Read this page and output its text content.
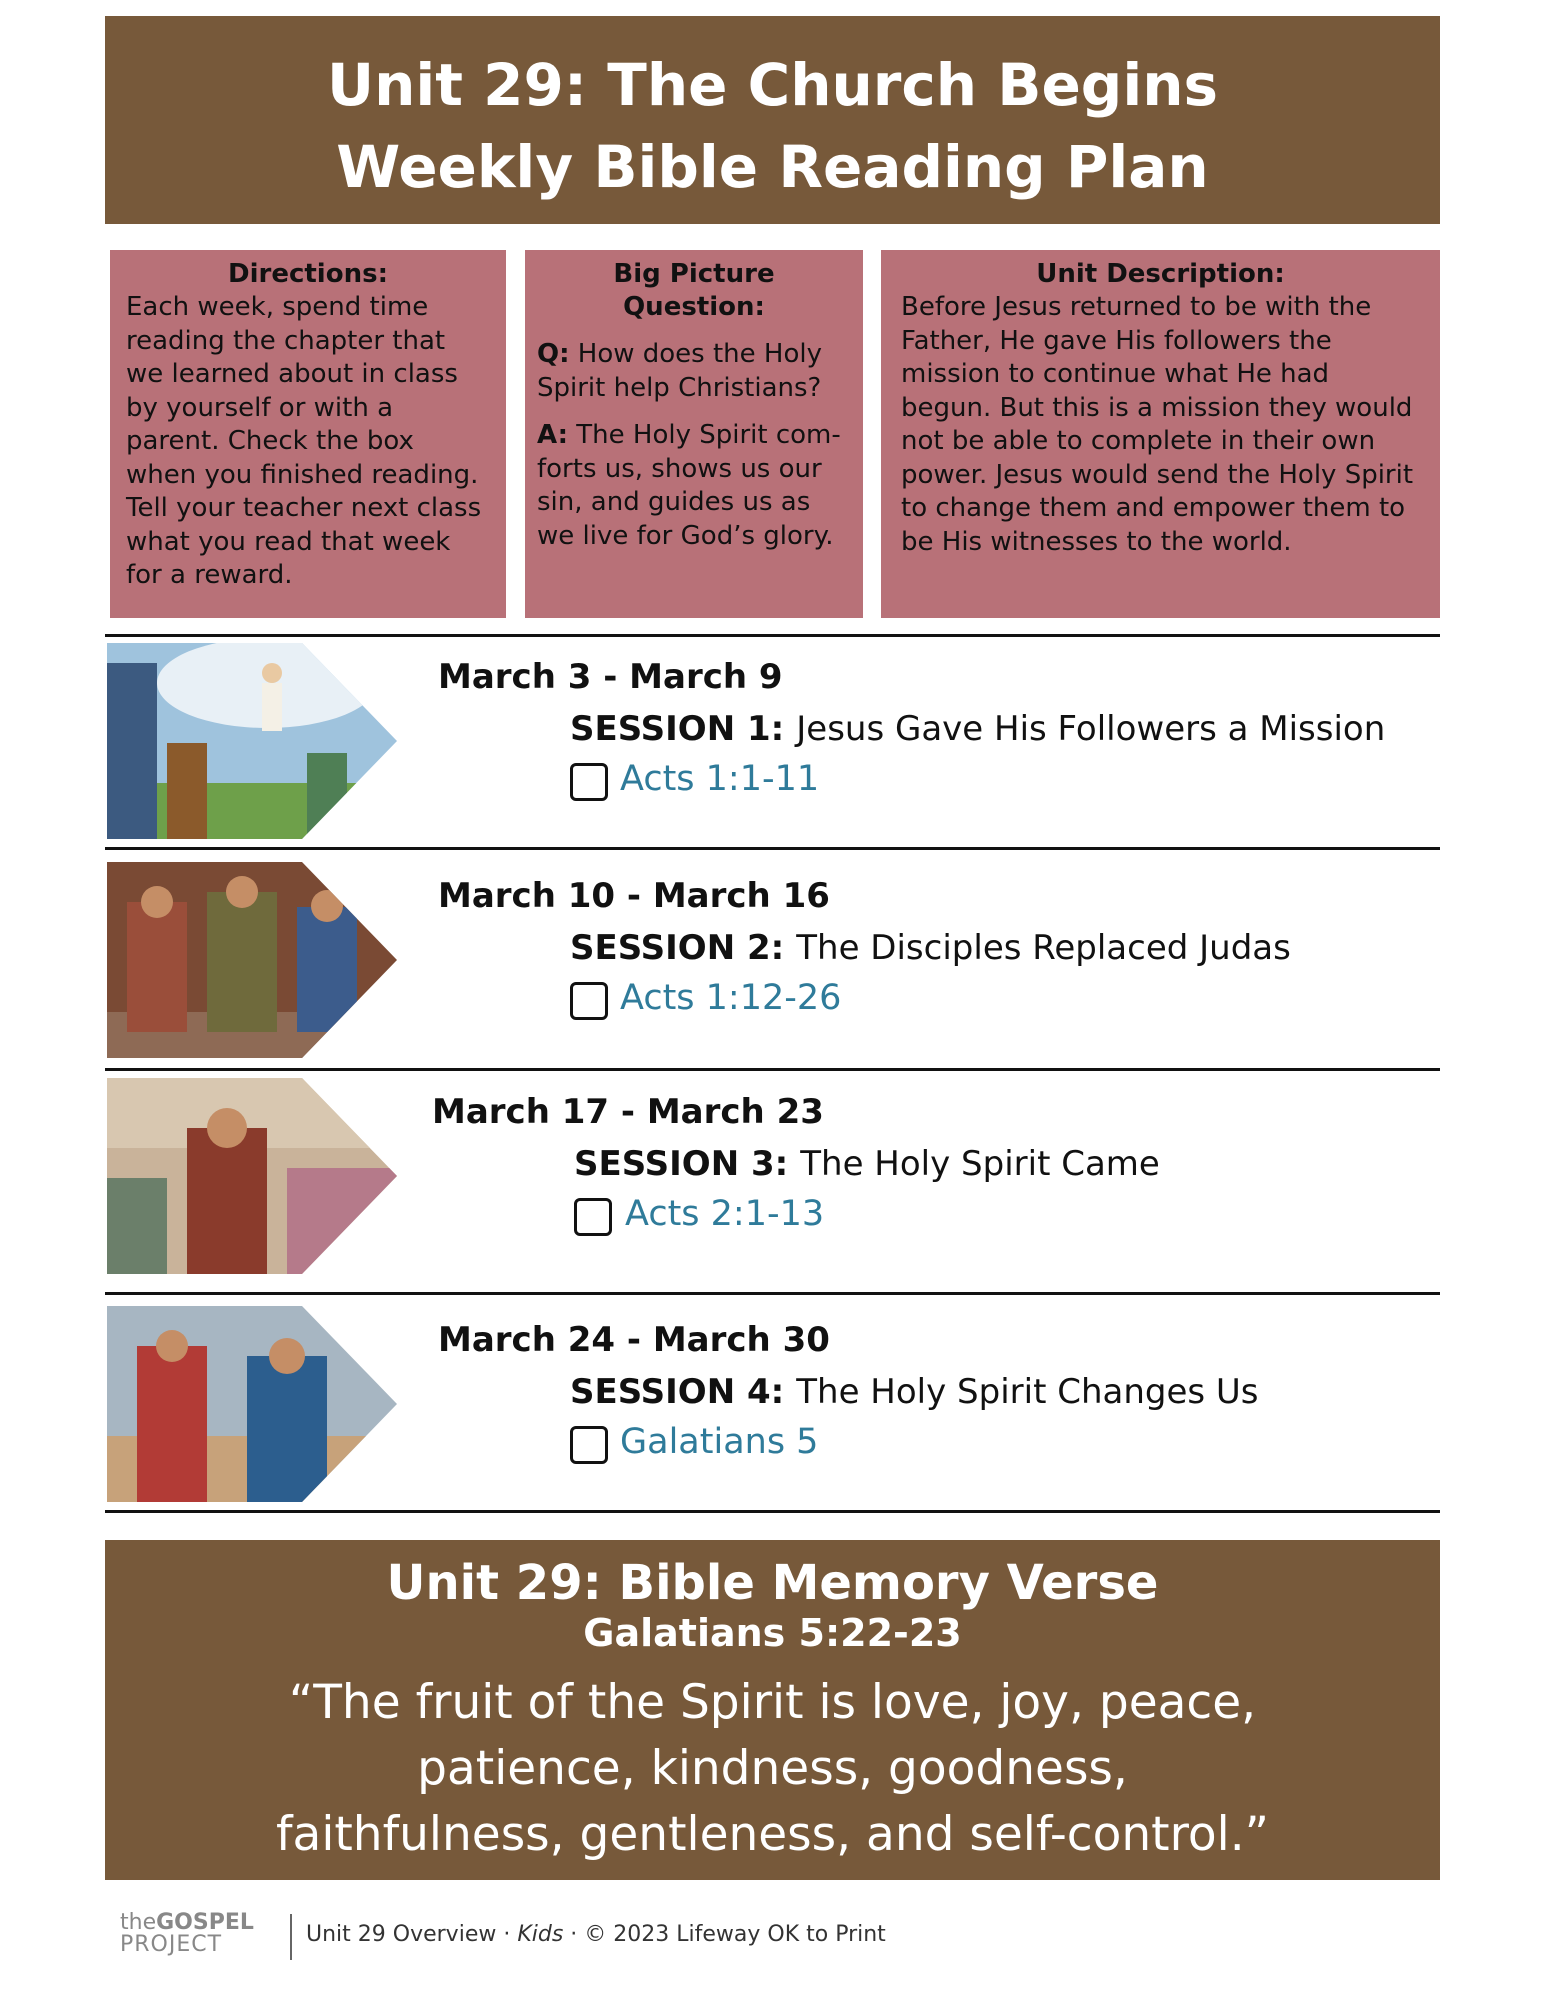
Unit 29: The Church Begins
Weekly Bible Reading Plan
Directions:
Each week, spend time reading the chapter that we learned about in class by yourself or with a parent. Check the box when you finished reading. Tell your teacher next class what you read that week for a reward.
Big Picture
Question:
Q: How does the Holy Spirit help Christians?
A: The Holy Spirit com- forts us, shows us our sin, and guides us as we live for God’s glory.
Unit Description:
Before Jesus returned to be with the Father, He gave His followers the mission to continue what He had begun. But this is a mission they would not be able to complete in their own power. Jesus would send the Holy Spirit to change them and empower them to be His witnesses to the world.
March 3 - March 9
SESSION 1: Jesus Gave His Followers a Mission
Acts 1:1-11
March 10 - March 16
SESSION 2: The Disciples Replaced Judas
Acts 1:12-26
March 17 - March 23
SESSION 3: The Holy Spirit Came
Acts 2:1-13
March 24 - March 30
SESSION 4: The Holy Spirit Changes Us
Galatians 5
Unit 29: Bible Memory Verse
Galatians 5:22-23
“The fruit of the Spirit is love, joy, peace,
patience, kindness, goodness,
faithfulness, gentleness, and self-control.”
theGOSPEL
PROJECT	Unit 29 Overview · Kids · © 2023 Lifeway OK to Print
